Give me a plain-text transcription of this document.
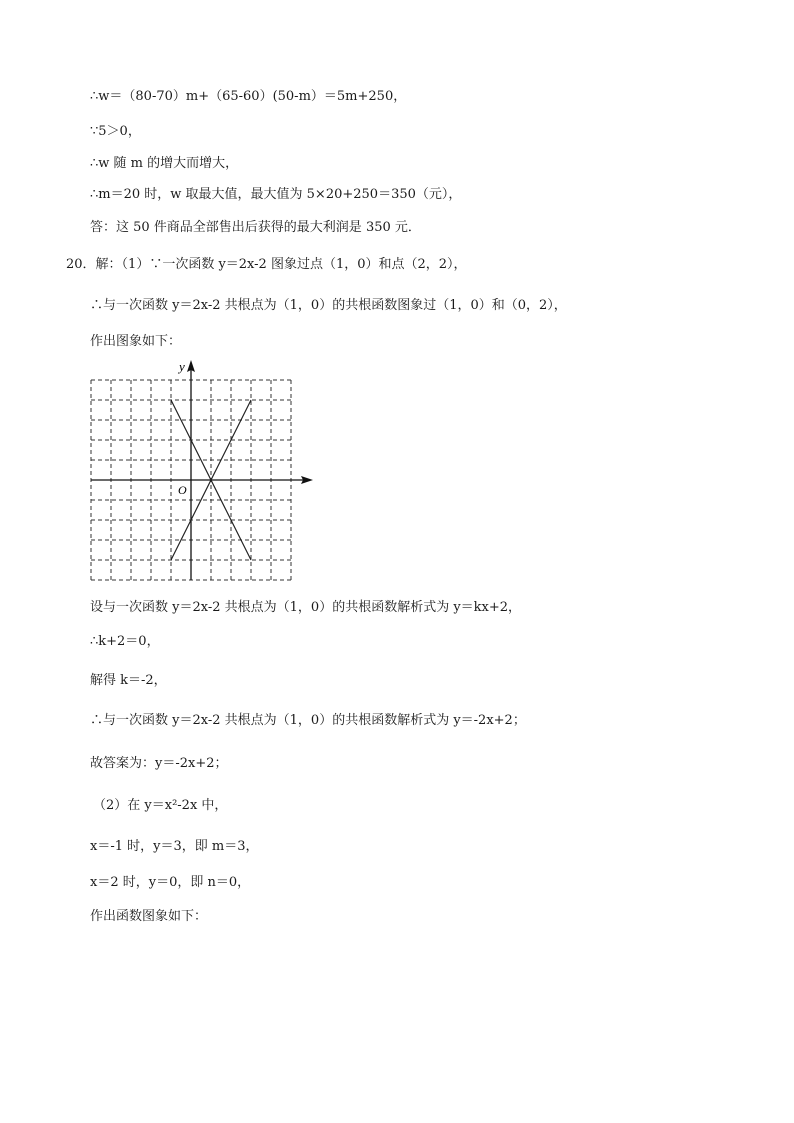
∴w＝（80-70）m+（65-60）(50-m）＝5m+250，
∵5＞0，
∴w 随 m 的增大而增大，
∴m＝20 时，w 取最大值，最大值为 5×20+250＝350（元），
答：这 50 件商品全部售出后获得的最大利润是 350 元．
20．解：（1）∵一次函数 y＝2x-2 图象过点（1，0）和点（2，2），
∴与一次函数 y＝2x-2 共根点为（1，0）的共根函数图象过（1，0）和（0，2），
作出图象如下：
y
O
设与一次函数 y＝2x-2 共根点为（1，0）的共根函数解析式为 y＝kx+2，
∴k+2＝0，
解得 k＝-2，
∴与一次函数 y＝2x-2 共根点为（1，0）的共根函数解析式为 y＝-2x+2；
故答案为：y＝-2x+2；
（2）在 y＝x²-2x 中，
x＝-1 时，y＝3，即 m＝3，
x＝2 时，y＝0，即 n＝0，
作出函数图象如下：
